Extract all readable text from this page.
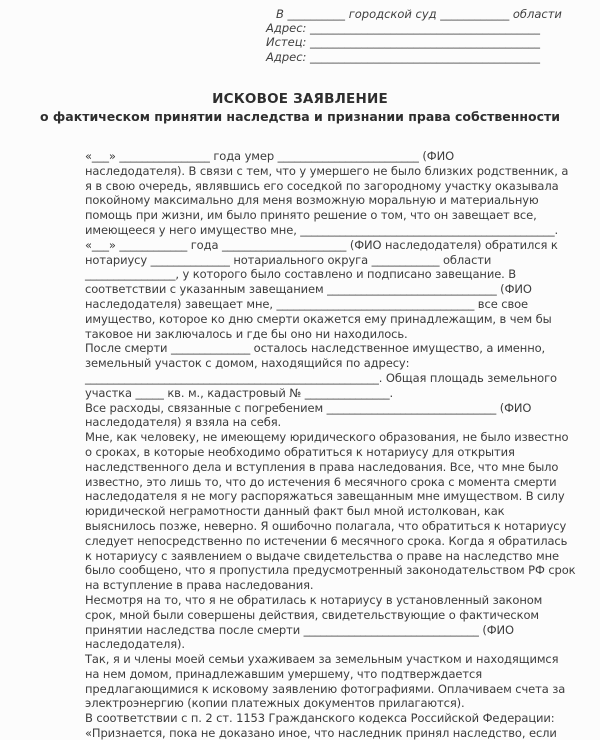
В __________ городской суд ____________ области
Адрес: ________________________________________
Истец: ________________________________________
Адрес: ________________________________________
ИСКОВОЕ ЗАЯВЛЕНИЕ
о фактическом принятии наследства и признании права собственности
«___» ________________ года умер _________________________ (ФИО
наследодателя). В связи с тем, что у умершего не было близких родственник, а
я в свою очередь, являвшись его соседкой по загородному участку оказывала
покойному максимально для меня возможную моральную и материальную
помощь при жизни, им было принято решение о том, что он завещает все,
имеющееся у него имущество мне, _____________________________________________.
«___» ____________ года ______________________ (ФИО наследодателя) обратился к
нотариусу ______________ нотариального округа ____________ области
________________, у которого было составлено и подписано завещание. В
соответствии с указанным завещанием ______________________________ (ФИО
наследодателя) завещает мне, ___________________________________ все свое
имущество, которое ко дню смерти окажется ему принадлежащим, в чем бы
таковое ни заключалось и где бы оно ни находилось.
После смерти ______________ осталось наследственное имущество, а именно,
земельный участок с домом, находящийся по адресу:
____________________________________________________. Общая площадь земельного
участка _____ кв. м., кадастровый № _______________.
Все расходы, связанные с погребением ______________________________ (ФИО
наследодателя) я взяла на себя.
Мне, как человеку, не имеющему юридического образования, не было известно
о сроках, в которые необходимо обратиться к нотариусу для открытия
наследственного дела и вступления в права наследования. Все, что мне было
известно, это лишь то, что до истечения 6 месячного срока с момента смерти
наследодателя я не могу распоряжаться завещанным мне имуществом. В силу
юридической неграмотности данный факт был мной истолкован, как
выяснилось позже, неверно. Я ошибочно полагала, что обратиться к нотариусу
следует непосредственно по истечении 6 месячного срока. Когда я обратилась
к нотариусу с заявлением о выдаче свидетельства о праве на наследство мне
было сообщено, что я пропустила предусмотренный законодательством РФ срок
на вступление в права наследования.
Несмотря на то, что я не обратилась к нотариусу в установленный законом
срок, мной были совершены действия, свидетельствующие о фактическом
принятии наследства после смерти _______________________________ (ФИО
наследодателя).
Так, я и члены моей семьи ухаживаем за земельным участком и находящимся
на нем домом, принадлежавшим умершему, что подтверждается
предлагающимися к исковому заявлению фотографиями. Оплачиваем счета за
электроэнергию (копии платежных документов прилагаются).
В соответствии с п. 2 ст. 1153 Гражданского кодекса Российской Федерации:
«Признается, пока не доказано иное, что наследник принял наследство, если
